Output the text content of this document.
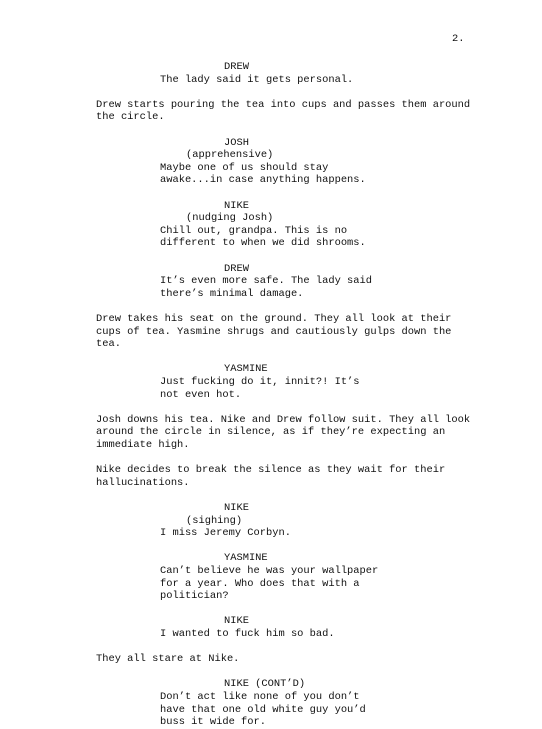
2.
DREW
The lady said it gets personal.
Drew starts pouring the tea into cups and passes them around
the circle.
JOSH
(apprehensive)
Maybe one of us should stay
awake...in case anything happens.
NIKE
(nudging Josh)
Chill out, grandpa. This is no
different to when we did shrooms.
DREW
It’s even more safe. The lady said
there’s minimal damage.
Drew takes his seat on the ground. They all look at their
cups of tea. Yasmine shrugs and cautiously gulps down the
tea.
YASMINE
Just fucking do it, innit?! It’s
not even hot.
Josh downs his tea. Nike and Drew follow suit. They all look
around the circle in silence, as if they’re expecting an
immediate high.
Nike decides to break the silence as they wait for their
hallucinations.
NIKE
(sighing)
I miss Jeremy Corbyn.
YASMINE
Can’t believe he was your wallpaper
for a year. Who does that with a
politician?
NIKE
I wanted to fuck him so bad.
They all stare at Nike.
NIKE (CONT’D)
Don’t act like none of you don’t
have that one old white guy you’d
buss it wide for.
